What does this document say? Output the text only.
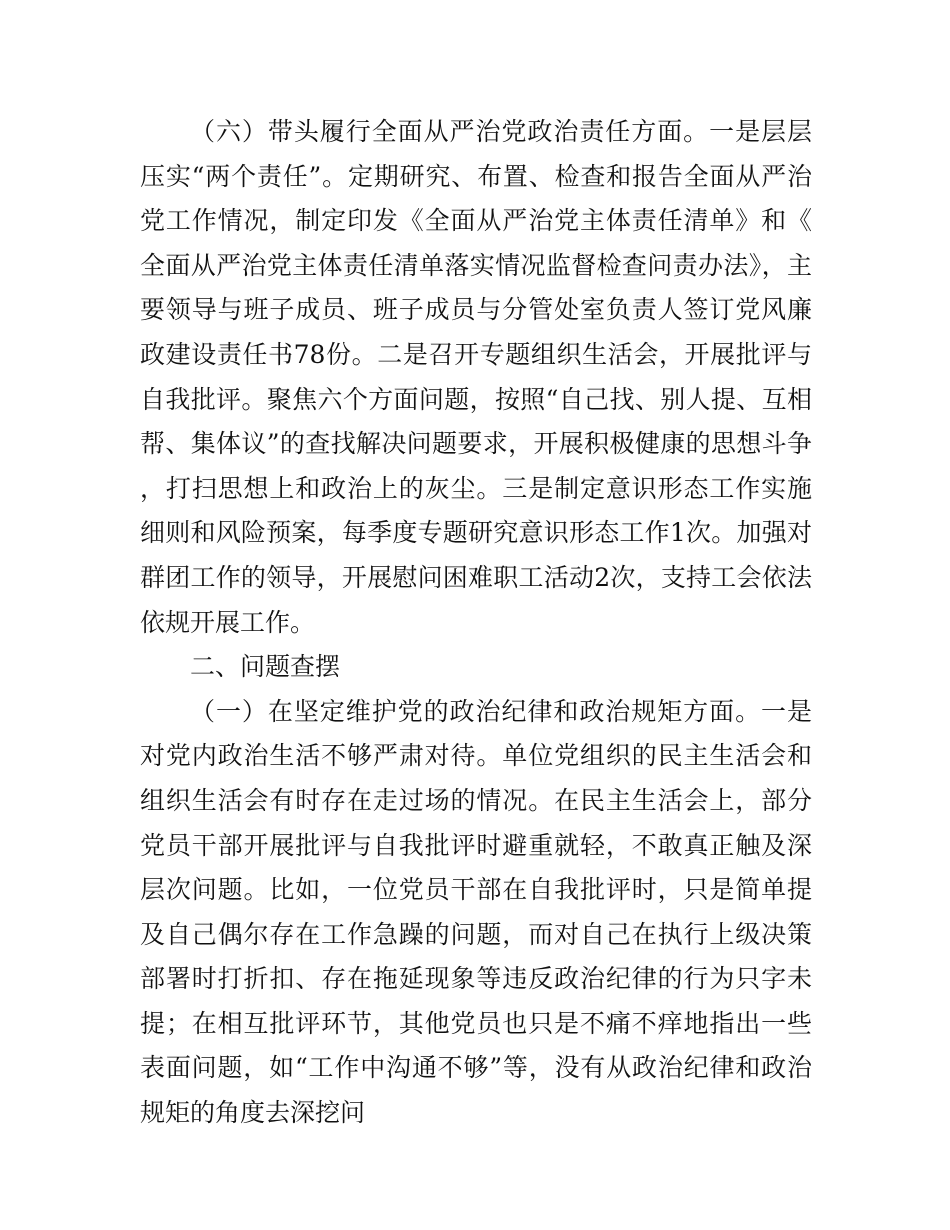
（六）带头履行全面从严治党政治责任方面。一是层层压实“两个责任”。定期研究、布置、检查和报告全面从严治党工作情况，制定印发《全面从严治党主体责任清单》和《全面从严治党主体责任清单落实情况监督检查问责办法》，主要领导与班子成员、班子成员与分管处室负责人签订党风廉政建设责任书78份。二是召开专题组织生活会，开展批评与自我批评。聚焦六个方面问题，按照“自己找、别人提、互相帮、集体议”的查找解决问题要求，开展积极健康的思想斗争，打扫思想上和政治上的灰尘。三是制定意识形态工作实施细则和风险预案，每季度专题研究意识形态工作1次。加强对群团工作的领导，开展慰问困难职工活动2次，支持工会依法依规开展工作。

二、问题查摆

（一）在坚定维护党的政治纪律和政治规矩方面。一是对党内政治生活不够严肃对待。单位党组织的民主生活会和组织生活会有时存在走过场的情况。在民主生活会上，部分党员干部开展批评与自我批评时避重就轻，不敢真正触及深层次问题。比如，一位党员干部在自我批评时，只是简单提及自己偶尔存在工作急躁的问题，而对自己在执行上级决策部署时打折扣、存在拖延现象等违反政治纪律的行为只字未提；在相互批评环节，其他党员也只是不痛不痒地指出一些表面问题，如“工作中沟通不够”等，没有从政治纪律和政治规矩的角度去深挖问
